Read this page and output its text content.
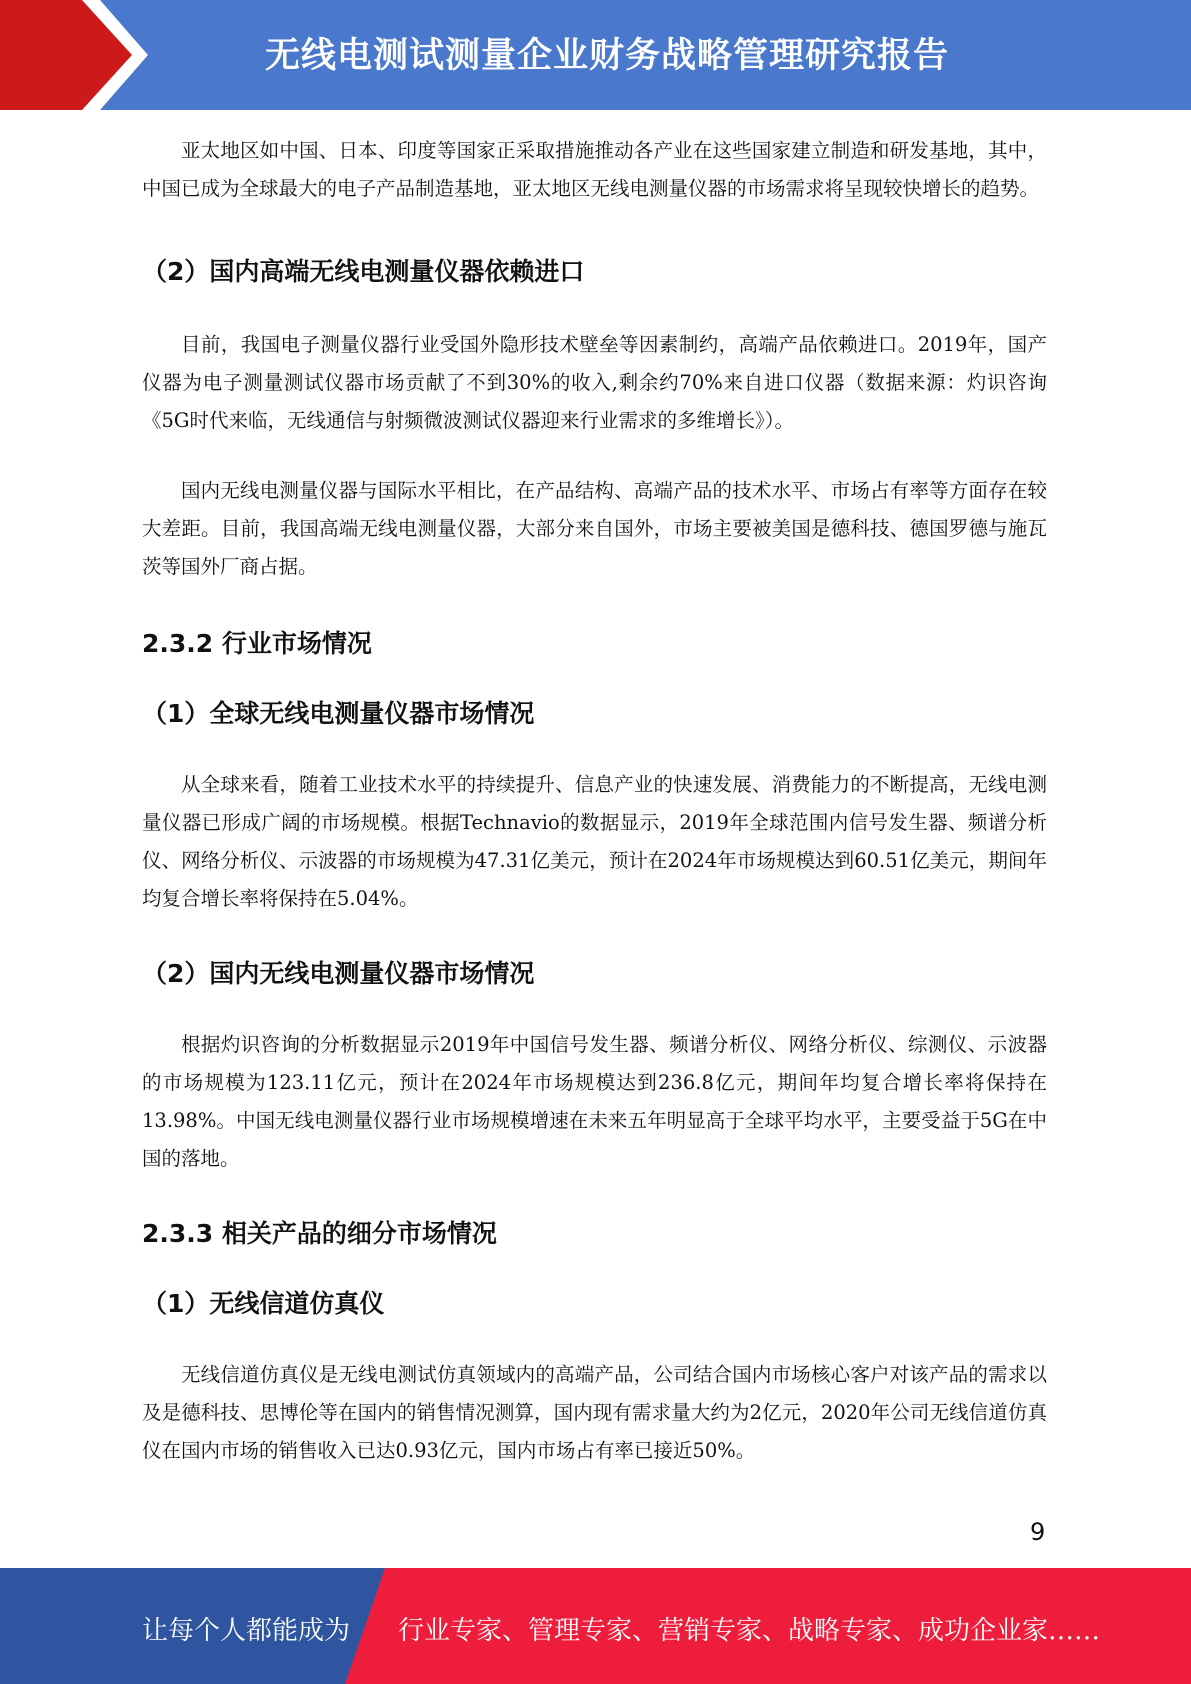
无线电测试测量企业财务战略管理研究报告

亚太地区如中国、日本、印度等国家正采取措施推动各产业在这些国家建立制造和研发基地，其中，中国已成为全球最大的电子产品制造基地，亚太地区无线电测量仪器的市场需求将呈现较快增长的趋势。

（2）国内高端无线电测量仪器依赖进口

目前，我国电子测量仪器行业受国外隐形技术壁垒等因素制约，高端产品依赖进口。2019年，国产仪器为电子测量测试仪器市场贡献了不到30%的收入,剩余约70%来自进口仪器（数据来源：灼识咨询《5G时代来临，无线通信与射频微波测试仪器迎来行业需求的多维增长》）。

国内无线电测量仪器与国际水平相比，在产品结构、高端产品的技术水平、市场占有率等方面存在较大差距。目前，我国高端无线电测量仪器，大部分来自国外，市场主要被美国是德科技、德国罗德与施瓦茨等国外厂商占据。

2.3.2 行业市场情况
（1）全球无线电测量仪器市场情况

从全球来看，随着工业技术水平的持续提升、信息产业的快速发展、消费能力的不断提高，无线电测量仪器已形成广阔的市场规模。根据Technavio的数据显示，2019年全球范围内信号发生器、频谱分析仪、网络分析仪、示波器的市场规模为47.31亿美元，预计在2024年市场规模达到60.51亿美元，期间年均复合增长率将保持在5.04%。

（2）国内无线电测量仪器市场情况

根据灼识咨询的分析数据显示2019年中国信号发生器、频谱分析仪、网络分析仪、综测仪、示波器的市场规模为123.11亿元，预计在2024年市场规模达到236.8亿元，期间年均复合增长率将保持在13.98%。中国无线电测量仪器行业市场规模增速在未来五年明显高于全球平均水平，主要受益于5G在中国的落地。

2.3.3 相关产品的细分市场情况
（1）无线信道仿真仪

无线信道仿真仪是无线电测试仿真领域内的高端产品，公司结合国内市场核心客户对该产品的需求以及是德科技、思博伦等在国内的销售情况测算，国内现有需求量大约为2亿元，2020年公司无线信道仿真仪在国内市场的销售收入已达0.93亿元，国内市场占有率已接近50%。

9
让每个人都能成为 行业专家、管理专家、营销专家、战略专家、成功企业家……
